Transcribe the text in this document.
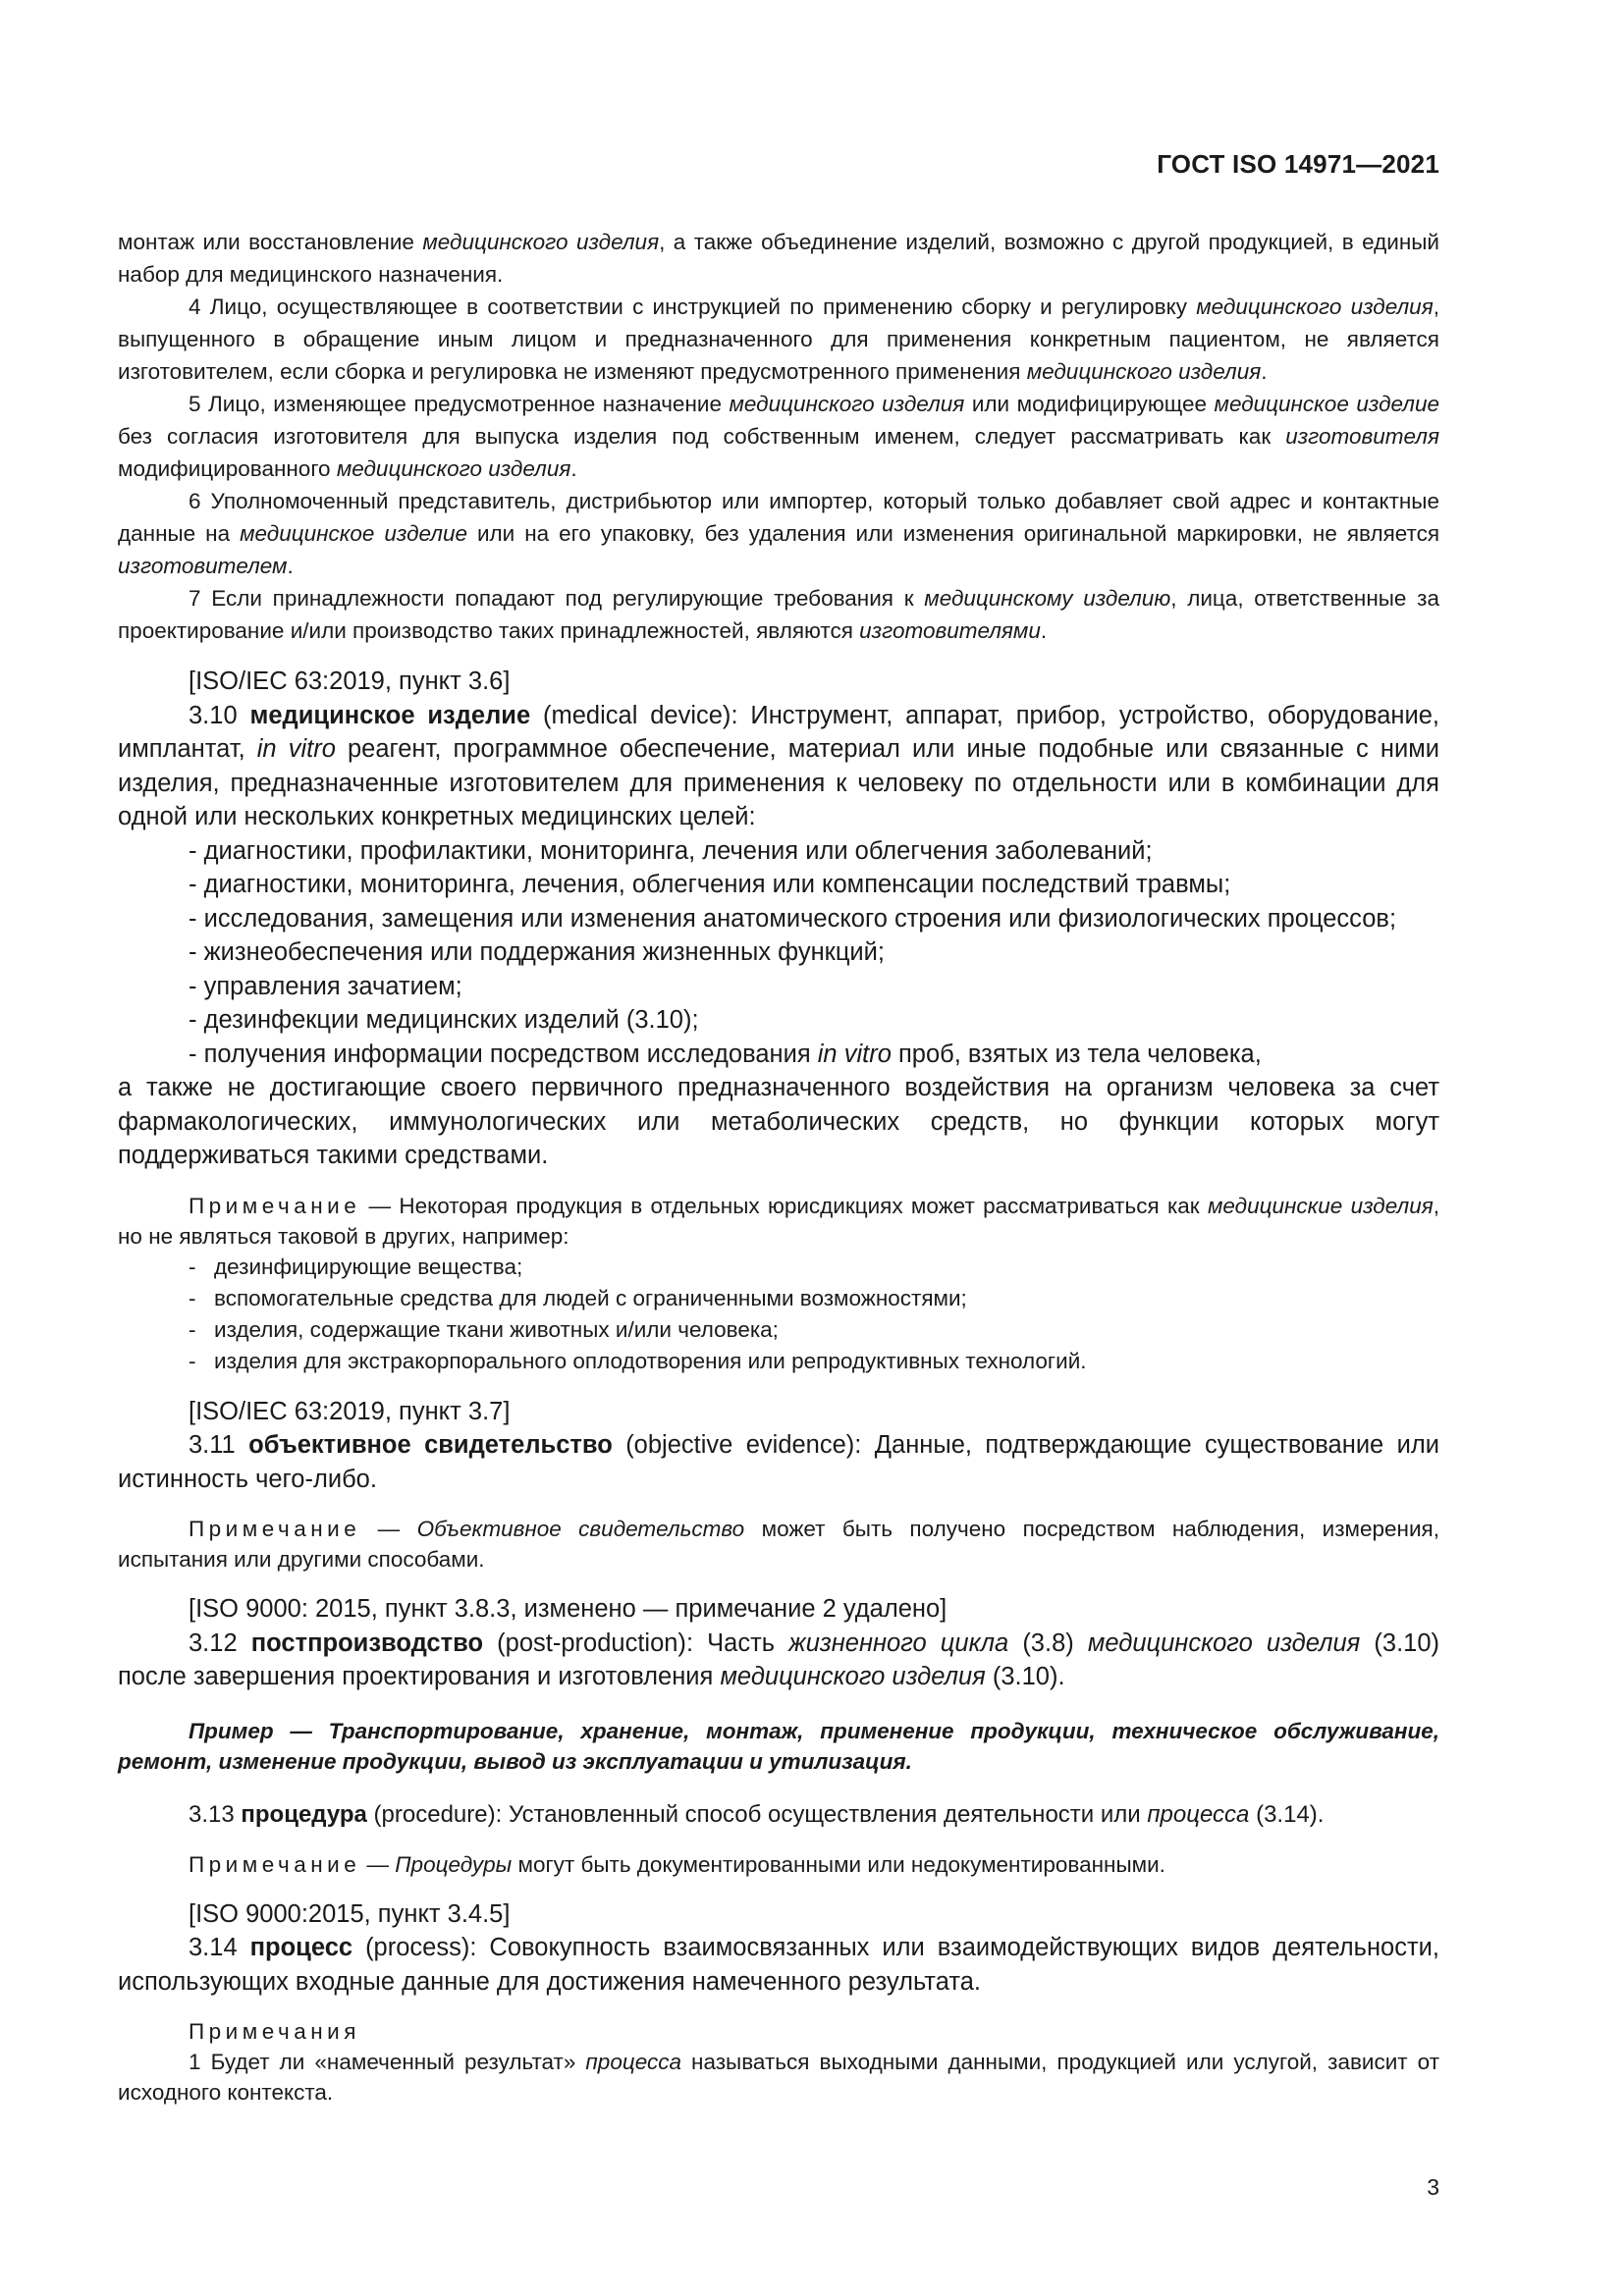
ГОСТ ISO 14971—2021

монтаж или восстановление медицинского изделия, а также объединение изделий, возможно с другой продукцией, в единый набор для медицинского назначения.

4 Лицо, осуществляющее в соответствии с инструкцией по применению сборку и регулировку медицинского изделия, выпущенного в обращение иным лицом и предназначенного для применения конкретным пациентом, не является изготовителем, если сборка и регулировка не изменяют предусмотренного применения медицинского изделия.

5 Лицо, изменяющее предусмотренное назначение медицинского изделия или модифицирующее медицинское изделие без согласия изготовителя для выпуска изделия под собственным именем, следует рассматривать как изготовителя модифицированного медицинского изделия.

6 Уполномоченный представитель, дистрибьютор или импортер, который только добавляет свой адрес и контактные данные на медицинское изделие или на его упаковку, без удаления или изменения оригинальной маркировки, не является изготовителем.

7 Если принадлежности попадают под регулирующие требования к медицинскому изделию, лица, ответственные за проектирование и/или производство таких принадлежностей, являются изготовителями.

[ISO/IEC 63:2019, пункт 3.6]

3.10 медицинское изделие (medical device): Инструмент, аппарат, прибор, устройство, оборудование, имплантат, in vitro реагент, программное обеспечение, материал или иные подобные или связанные с ними изделия, предназначенные изготовителем для применения к человеку по отдельности или в комбинации для одной или нескольких конкретных медицинских целей:

- диагностики, профилактики, мониторинга, лечения или облегчения заболеваний;

- диагностики, мониторинга, лечения, облегчения или компенсации последствий травмы;

- исследования, замещения или изменения анатомического строения или физиологических процессов;

- жизнеобеспечения или поддержания жизненных функций;

- управления зачатием;

- дезинфекции медицинских изделий (3.10);

- получения информации посредством исследования in vitro проб, взятых из тела человека,

а также не достигающие своего первичного предназначенного воздействия на организм человека за счет фармакологических, иммунологических или метаболических средств, но функции которых могут поддерживаться такими средствами.

Примечание — Некоторая продукция в отдельных юрисдикциях может рассматриваться как медицинские изделия, но не являться таковой в других, например:

- дезинфицирующие вещества;
- вспомогательные средства для людей с ограниченными возможностями;
- изделия, содержащие ткани животных и/или человека;
- изделия для экстракорпорального оплодотворения или репродуктивных технологий.

[ISO/IEC 63:2019, пункт 3.7]

3.11 объективное свидетельство (objective evidence): Данные, подтверждающие существование или истинность чего-либо.

Примечание — Объективное свидетельство может быть получено посредством наблюдения, измерения, испытания или другими способами.

[ISO 9000: 2015, пункт 3.8.3, изменено — примечание 2 удалено]

3.12 постпроизводство (post-production): Часть жизненного цикла (3.8) медицинского изделия (3.10) после завершения проектирования и изготовления медицинского изделия (3.10).

Пример — Транспортирование, хранение, монтаж, применение продукции, техническое обслуживание, ремонт, изменение продукции, вывод из эксплуатации и утилизация.

3.13 процедура (procedure): Установленный способ осуществления деятельности или процесса (3.14).

Примечание — Процедуры могут быть документированными или недокументированными.

[ISO 9000:2015, пункт 3.4.5]

3.14 процесс (process): Совокупность взаимосвязанных или взаимодействующих видов деятельности, использующих входные данные для достижения намеченного результата.

Примечания

1 Будет ли «намеченный результат» процесса называться выходными данными, продукцией или услугой, зависит от исходного контекста.

3
